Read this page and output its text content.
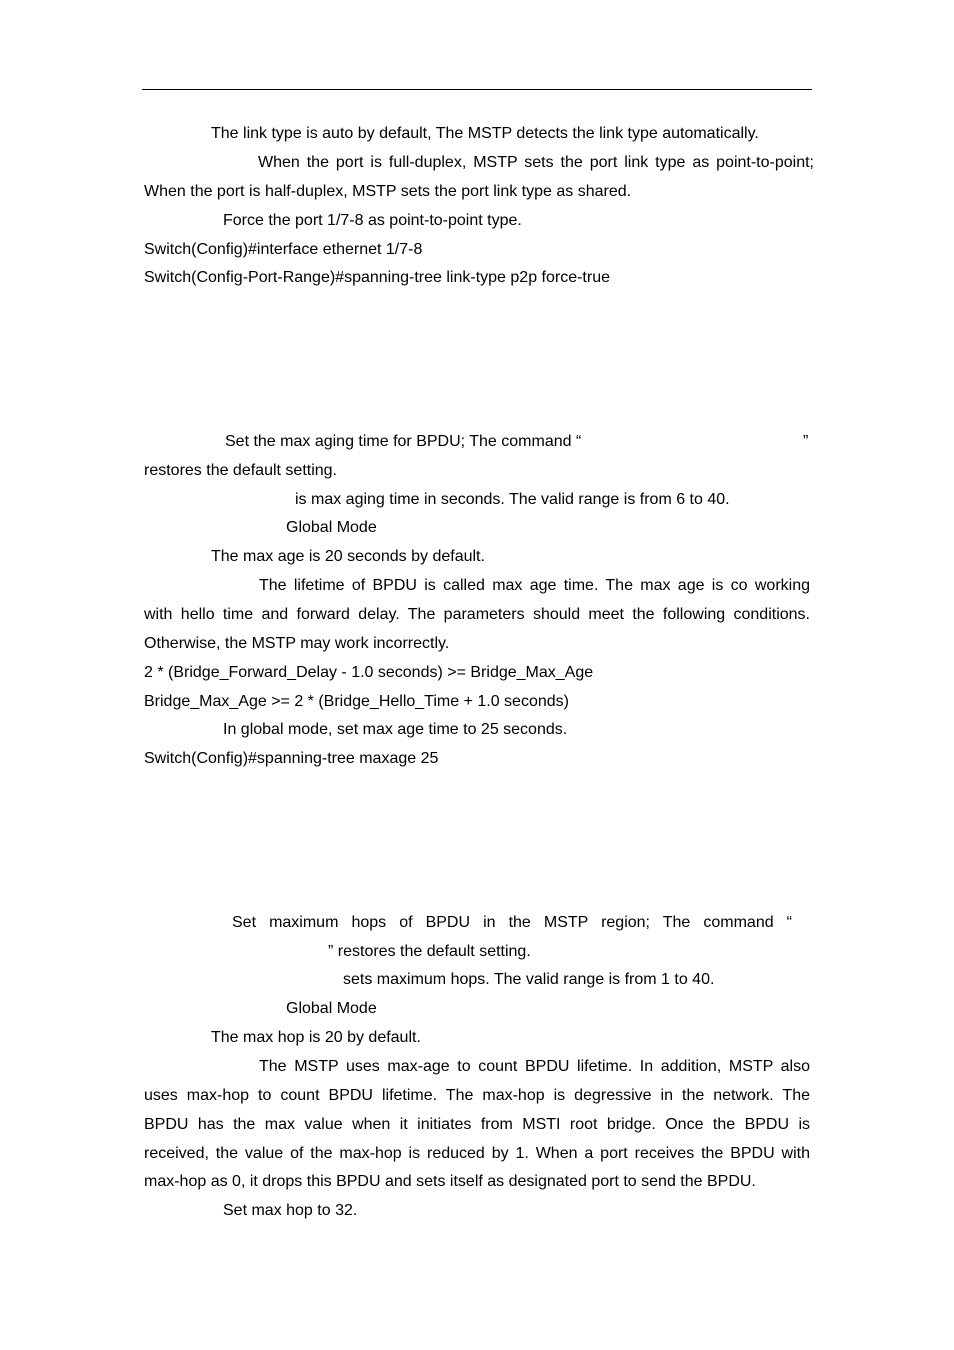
The link type is auto by default, The MSTP detects the link type automatically.
When the port is full-duplex, MSTP sets the port link type as point-to-point;
When the port is half-duplex, MSTP sets the port link type as shared.
Force the port 1/7-8 as point-to-point type.
Switch(Config)#interface ethernet 1/7-8
Switch(Config-Port-Range)#spanning-tree link-type p2p force-true
Set the max aging time for BPDU; The command “	”
restores the default setting.
is max aging time in seconds. The valid range is from 6 to 40.
Global Mode
The max age is 20 seconds by default.
The lifetime of BPDU is called max age time. The max age is co working
with hello time and forward delay. The parameters should meet the following conditions.
Otherwise, the MSTP may work incorrectly.
2 * (Bridge_Forward_Delay - 1.0 seconds) >= Bridge_Max_Age
Bridge_Max_Age >= 2 * (Bridge_Hello_Time + 1.0 seconds)
In global mode, set max age time to 25 seconds.
Switch(Config)#spanning-tree maxage 25
Set maximum hops of BPDU in the MSTP region; The command “
” restores the default setting.
sets maximum hops. The valid range is from 1 to 40.
Global Mode
The max hop is 20 by default.
The MSTP uses max-age to count BPDU lifetime. In addition, MSTP also
uses max-hop to count BPDU lifetime. The max-hop is degressive in the network. The
BPDU has the max value when it initiates from MSTI root bridge. Once the BPDU is
received, the value of the max-hop is reduced by 1. When a port receives the BPDU with
max-hop as 0, it drops this BPDU and sets itself as designated port to send the BPDU.
Set max hop to 32.
